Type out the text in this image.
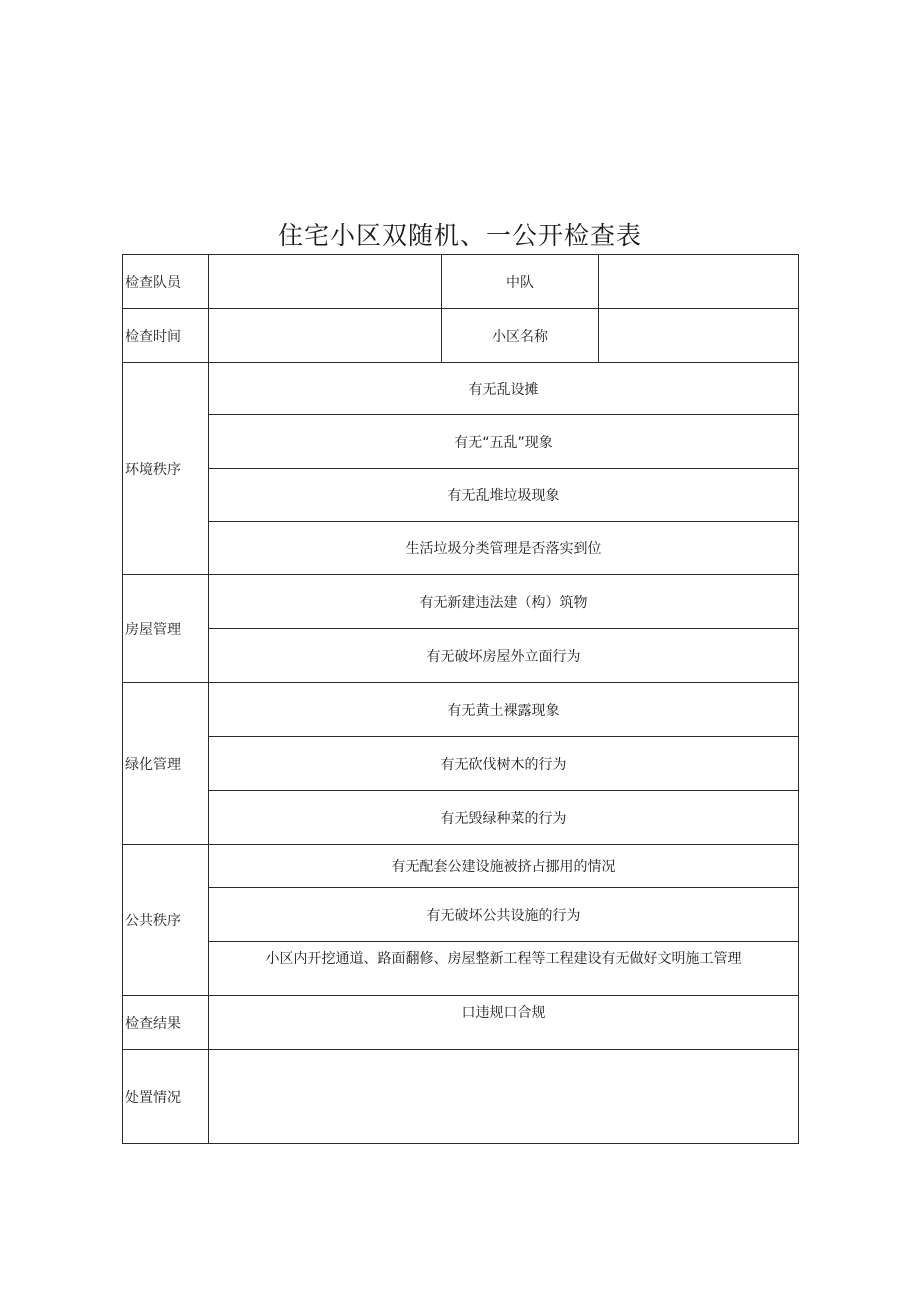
住宅小区双随机、一公开检查表
检查队员		中队	
检查时间		小区名称	
环境秩序	有无乱设摊		
	有无“五乱”现象		
	有无乱堆垃圾现象		
	生活垃圾分类管理是否落实到位		
房屋管理	有无新建违法建（构）筑物		
	有无破坏房屋外立面行为		
绿化管理	有无黄土裸露现象		
	有无砍伐树木的行为		
	有无毁绿种菜的行为		
公共秩序	有无配套公建设施被挤占挪用的情况		
	有无破坏公共设施的行为		
	小区内开挖通道、路面翻修、房屋整新工程等工程建设有无做好文明施工管理		
检查结果	口违规口合规		
处置情况			
